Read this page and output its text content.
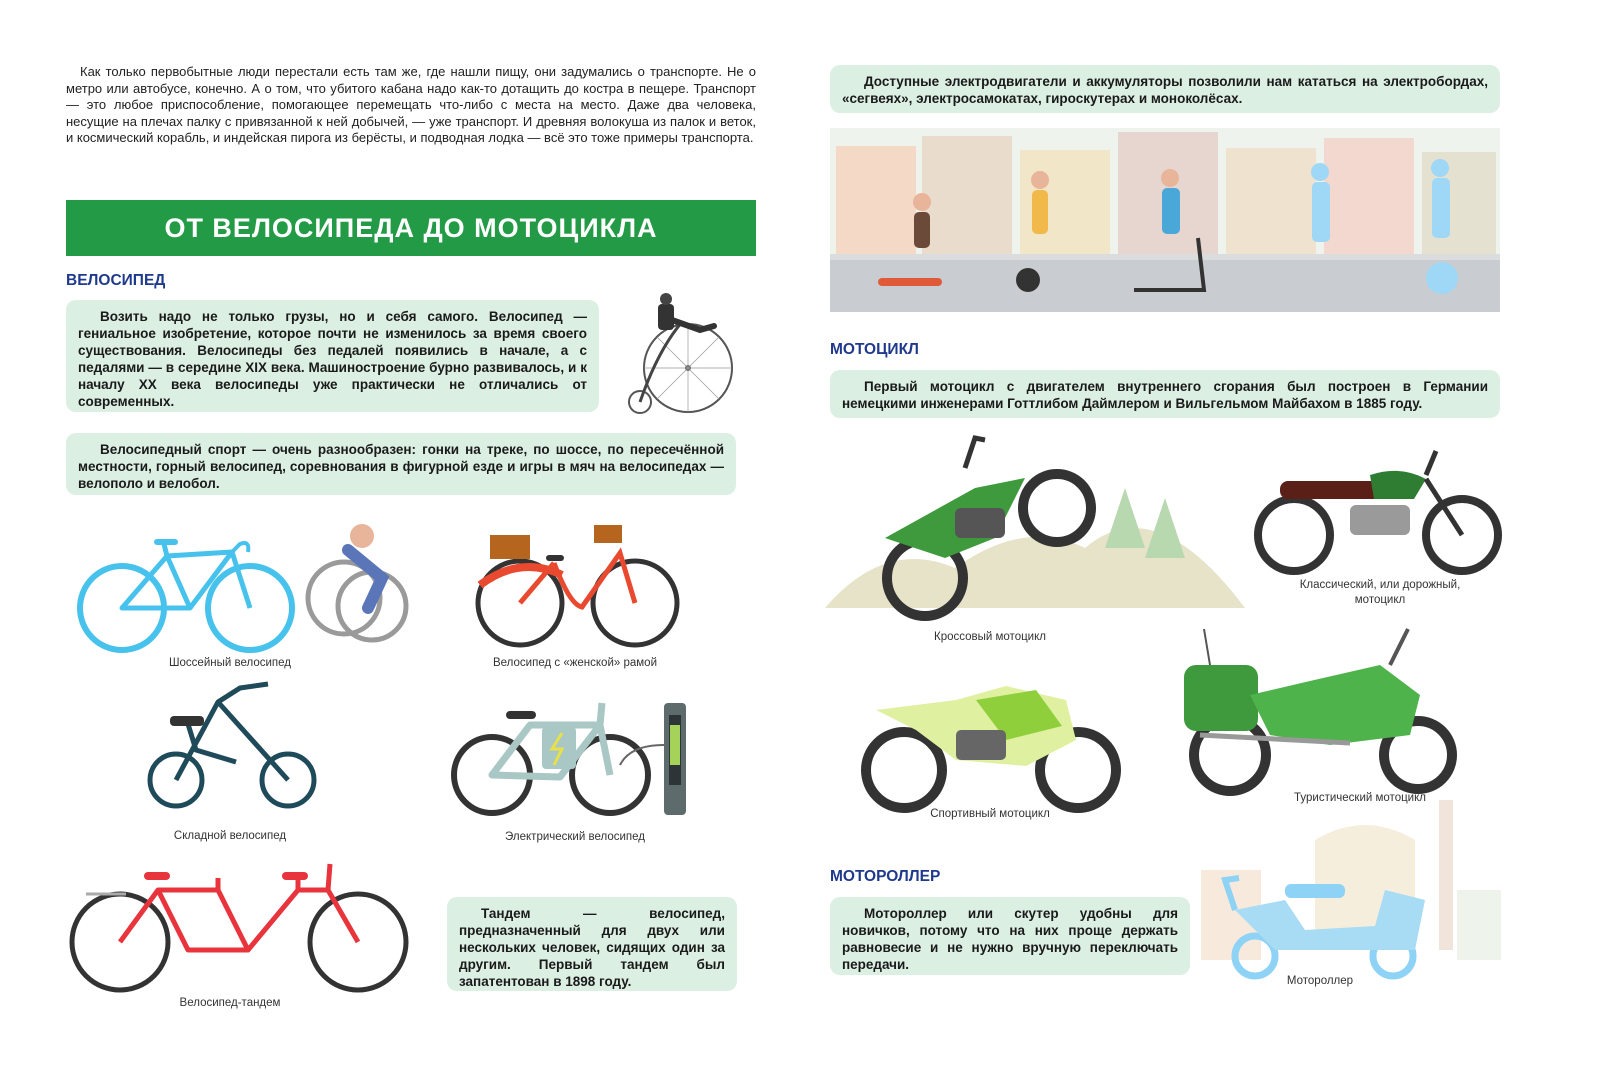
Как только первобытные люди перестали есть там же, где нашли пищу, они задумались о транспорте. Не о метро или автобусе, конечно. А о том, что убитого кабана надо как-то дотащить до костра в пещере. Транспорт — это любое приспособление, помогающее перемещать что-либо с места на место. Даже два человека, несущие на плечах палку с привязанной к ней добычей, — уже транспорт. И древняя волокуша из палок и веток, и космический корабль, и индейская пирога из берёсты, и подводная лодка — всё это тоже примеры транспорта.
ОТ ВЕЛОСИПЕДА ДО МОТОЦИКЛА
ВЕЛОСИПЕД

Возить надо не только грузы, но и себя самого. Велосипед — гениальное изобретение, которое почти не изменилось за время своего существования. Велосипеды без педалей появились в начале, а с педалями — в середине XIX века. Машиностроение бурно развивалось, и к началу XX века велосипеды уже практически не отличались от современных.

Велосипедный спорт — очень разнообразен: гонки на треке, по шоссе, по пересечённой местности, горный велосипед, соревнования в фигурной езде и игры в мяч на велосипедах — велополо и велобол.

Шоссейный велосипед	Велосипед с «женской» рамой
Складной велосипед	Электрический велосипед
Велосипед-тандем

Тандем — велосипед, предназначенный для двух или нескольких человек, сидящих один за другим. Первый тандем был запатентован в 1898 году.

Доступные электродвигатели и аккумуляторы позволили нам кататься на электробордах, «сегвеях», электросамокатах, гироскутерах и моноколёсах.

МОТОЦИКЛ

Первый мотоцикл с двигателем внутреннего сгорания был построен в Германии немецкими инженерами Готтлибом Даймлером и Вильгельмом Майбахом в 1885 году.

Кроссовый мотоцикл
Классический, или дорожный, мотоцикл
Спортивный мотоцикл
Туристический мотоцикл
МОТОРОЛЛЕР

Мотороллер или скутер удобны для новичков, потому что на них проще держать равновесие и не нужно вручную переключать передачи.

Мотороллер
